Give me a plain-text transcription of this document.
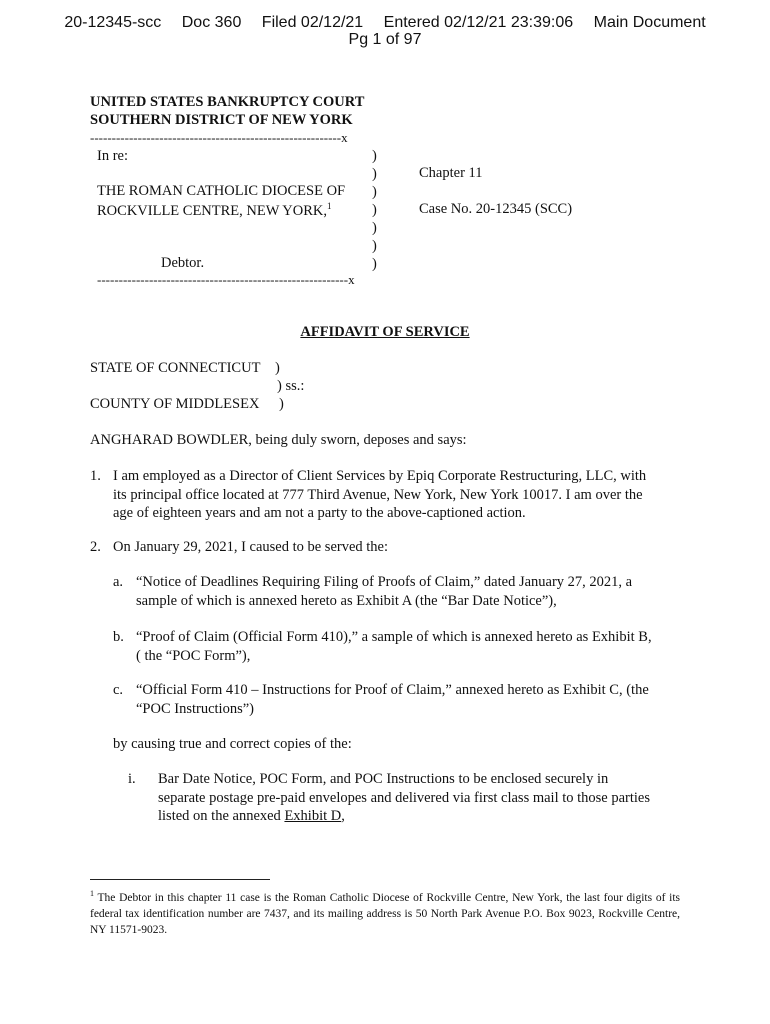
20-12345-scc Doc 360 Filed 02/12/21 Entered 02/12/21 23:39:06 Main Document
Pg 1 of 97
UNITED STATES BANKRUPTCY COURT
SOUTHERN DISTRICT OF NEW YORK
----------------------------------------------------------x
In re:
THE ROMAN CATHOLIC DIOCESE OF
ROCKVILLE CENTRE, NEW YORK,$^1$
Debtor.
)
)
)
)
)
)
)
Chapter 11
Case No. 20-12345 (SCC)
----------------------------------------------------------x
AFFIDAVIT OF SERVICE
STATE OF CONNECTICUT )
) ss.:
COUNTY OF MIDDLESEX )
ANGHARAD BOWDLER, being duly sworn, deposes and says:
1. I am employed as a Director of Client Services by Epiq Corporate Restructuring, LLC, with
its principal office located at 777 Third Avenue, New York, New York 10017. I am over the
age of eighteen years and am not a party to the above-captioned action.
2. On January 29, 2021, I caused to be served the:
a. “Notice of Deadlines Requiring Filing of Proofs of Claim,” dated January 27, 2021, a
sample of which is annexed hereto as Exhibit A (the “Bar Date Notice”),
b. “Proof of Claim (Official Form 410),” a sample of which is annexed hereto as Exhibit B,
( the “POC Form”),
c. “Official Form 410 – Instructions for Proof of Claim,” annexed hereto as Exhibit C, (the
“POC Instructions”)
by causing true and correct copies of the:
i. Bar Date Notice, POC Form, and POC Instructions to be enclosed securely in
separate postage pre-paid envelopes and delivered via first class mail to those parties
listed on the annexed Exhibit D,
$^1$ The Debtor in this chapter 11 case is the Roman Catholic Diocese of Rockville Centre, New York, the last four digits of its federal tax identification number are 7437, and its mailing address is 50 North Park Avenue P.O. Box 9023, Rockville Centre, NY 11571-9023.
